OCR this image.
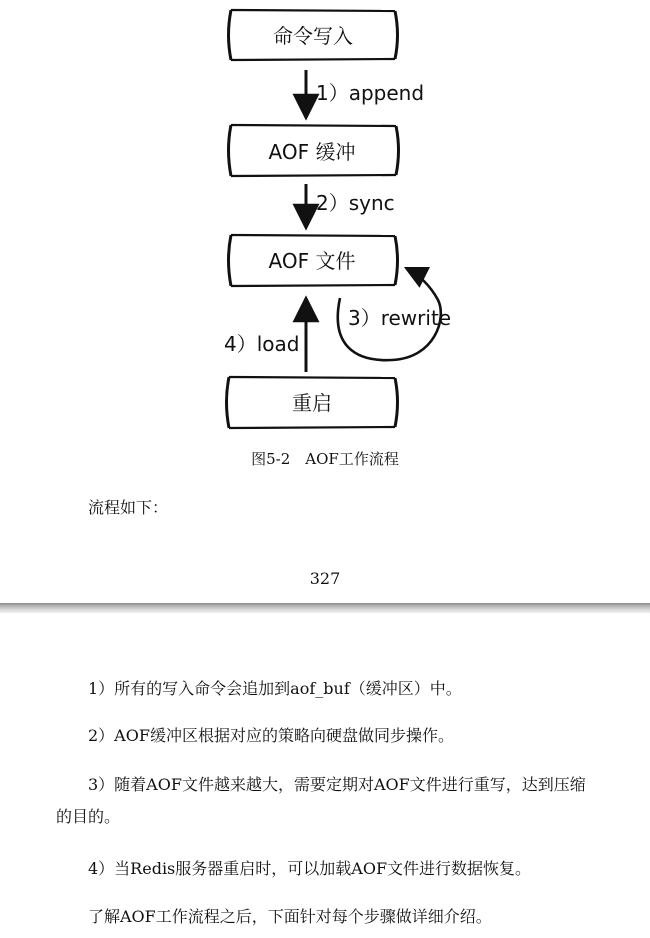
命令写入
1）append
AOF 缓冲
2）sync
AOF 文件
3）rewrite
4）load
重启
图5-2　AOF工作流程
流程如下：
327
1）所有的写入命令会追加到aof_buf（缓冲区）中。
2）AOF缓冲区根据对应的策略向硬盘做同步操作。
3）随着AOF文件越来越大，需要定期对AOF文件进行重写，达到压缩
的目的。
4）当Redis服务器重启时，可以加载AOF文件进行数据恢复。
了解AOF工作流程之后，下面针对每个步骤做详细介绍。
